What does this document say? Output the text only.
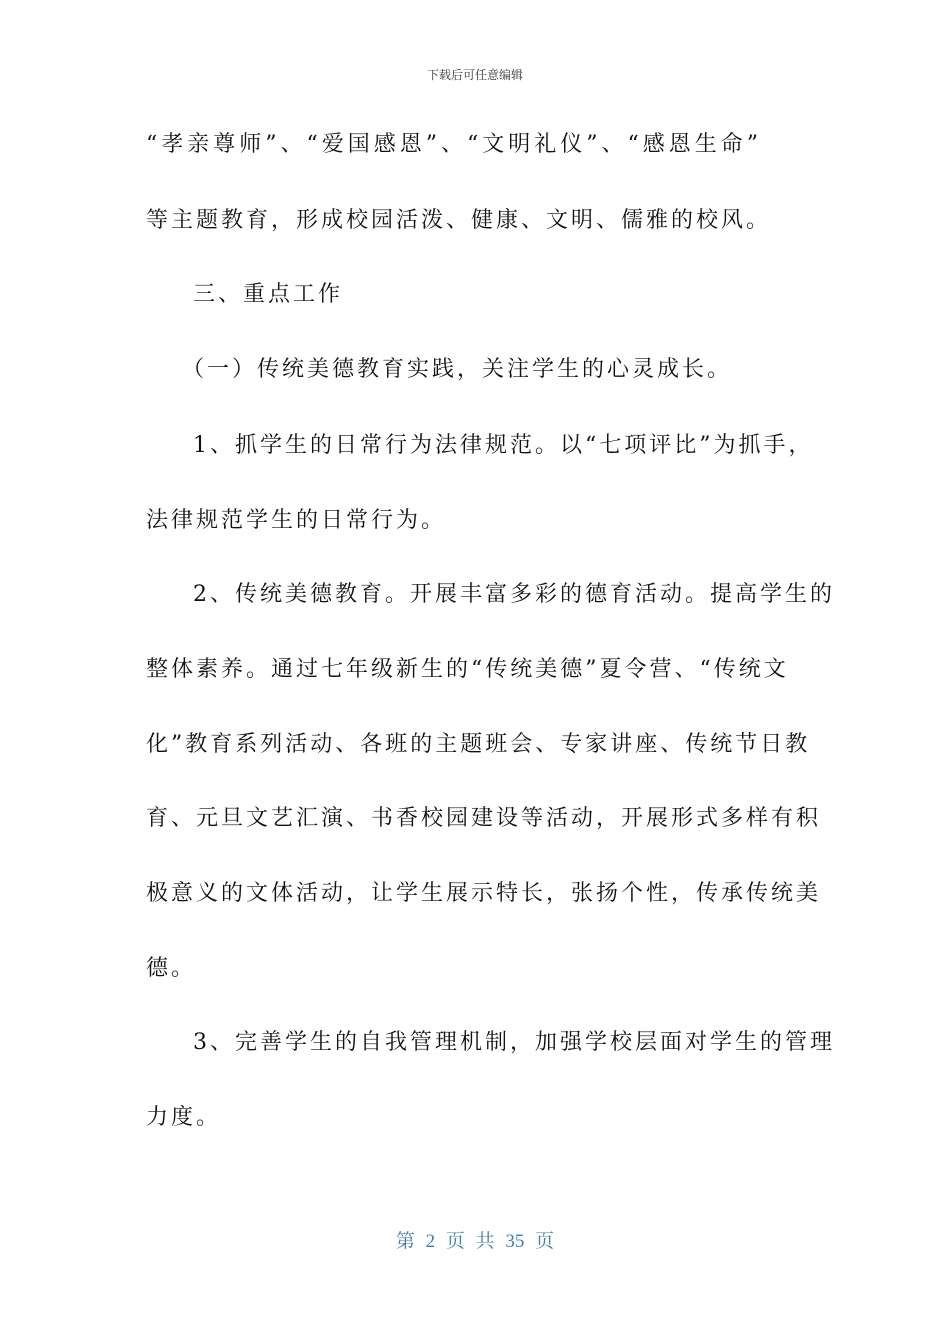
下载后可任意编辑
“孝亲尊师”、“爱国感恩”、“文明礼仪”、“感恩生命”
等主题教育，形成校园活泼、健康、文明、儒雅的校风。
三、重点工作
（一）传统美德教育实践，关注学生的心灵成长。
1、抓学生的日常行为法律规范。以“七项评比”为抓手，
法律规范学生的日常行为。
2、传统美德教育。开展丰富多彩的德育活动。提高学生的
整体素养。通过七年级新生的“传统美德”夏令营、“传统文
化”教育系列活动、各班的主题班会、专家讲座、传统节日教
育、元旦文艺汇演、书香校园建设等活动，开展形式多样有积
极意义的文体活动，让学生展示特长，张扬个性，传承传统美
德。
3、完善学生的自我管理机制，加强学校层面对学生的管理
力度。
第 2 页 共 35 页
